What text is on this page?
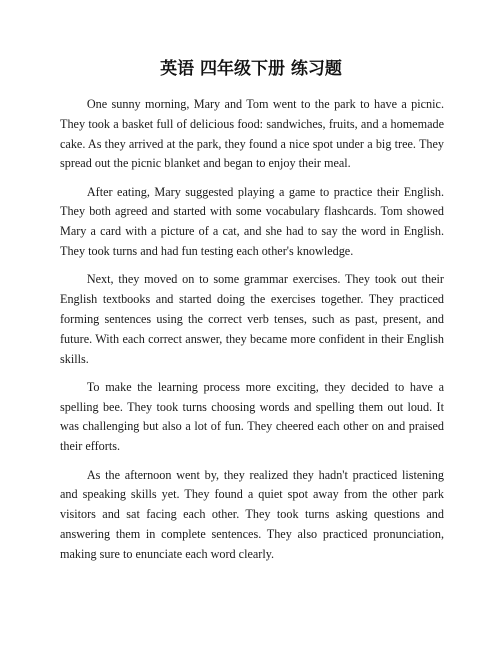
英语 四年级下册 练习题

One sunny morning, Mary and Tom went to the park to have a picnic. They took a basket full of delicious food: sandwiches, fruits, and a homemade cake. As they arrived at the park, they found a nice spot under a big tree. They spread out the picnic blanket and began to enjoy their meal.

After eating, Mary suggested playing a game to practice their English. They both agreed and started with some vocabulary flashcards. Tom showed Mary a card with a picture of a cat, and she had to say the word in English. They took turns and had fun testing each other's knowledge.

Next, they moved on to some grammar exercises. They took out their English textbooks and started doing the exercises together. They practiced forming sentences using the correct verb tenses, such as past, present, and future. With each correct answer, they became more confident in their English skills.

To make the learning process more exciting, they decided to have a spelling bee. They took turns choosing words and spelling them out loud. It was challenging but also a lot of fun. They cheered each other on and praised their efforts.

As the afternoon went by, they realized they hadn't practiced listening and speaking skills yet. They found a quiet spot away from the other park visitors and sat facing each other. They took turns asking questions and answering them in complete sentences. They also practiced pronunciation, making sure to enunciate each word clearly.
